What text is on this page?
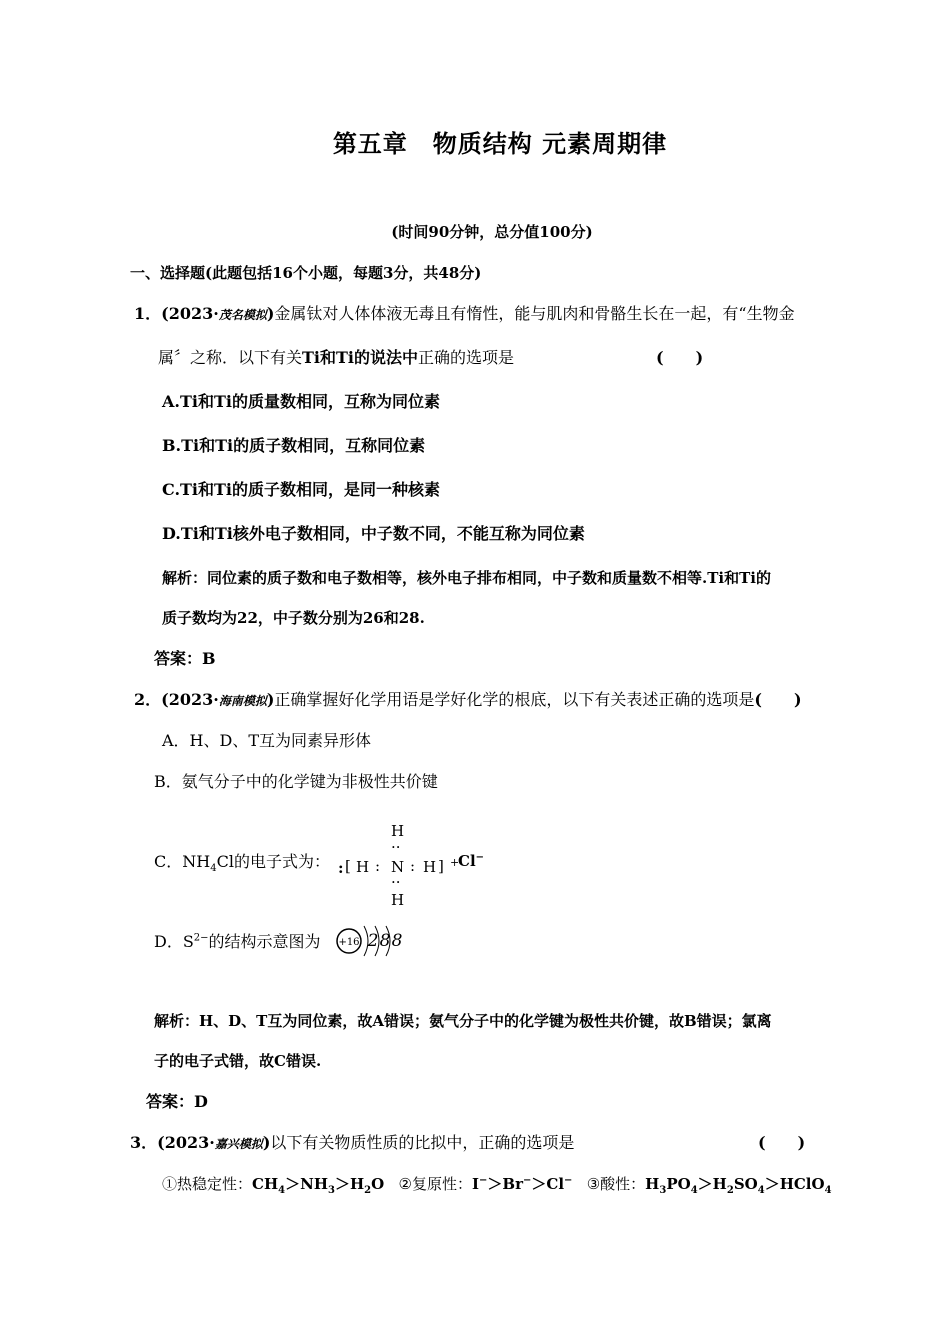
第五章　物质结构 元素周期律
(时间90分钟，总分值100分)
一、选择题(此题包括16个小题，每题3分，共48分)
1．(2023·茂名模拟)金属钛对人体体液无毒且有惰性，能与肌肉和骨骼生长在一起，有“生物金
属〞之称．以下有关Ti和Ti的说法中正确的选项是	(　　)
A.Ti和Ti的质量数相同，互称为同位素
B.Ti和Ti的质子数相同，互称同位素
C.Ti和Ti的质子数相同，是同一种核素
D.Ti和Ti核外电子数相同，中子数不同，不能互称为同位素
解析：同位素的质子数和电子数相等，核外电子排布相同，中子数和质量数不相等.Ti和Ti的
质子数均为22，中子数分别为26和28.
答案：B
2．(2023·海南模拟)正确掌握好化学用语是学好化学的根底，以下有关表述正确的选项是(　　)
A．H、D、T互为同素异形体
B．氨气分子中的化学键为非极性共价键
C．$NH_4Cl$的电子式为：
H
··
: [ H : N : H ] +
Cl−
··
H
D．$S^{2-}$的结构示意图为 +16 2 8 8
解析：H、D、T互为同位素，故A错误；氨气分子中的化学键为极性共价键，故B错误；氯离
子的电子式错，故C错误.
答案：D
3．(2023·嘉兴模拟)以下有关物质性质的比拟中，正确的选项是	(　　)
①热稳定性：$CH_4>NH_3>H_2O$ ②复原性：I−＞Br−＞Cl− ③酸性：$H_3PO_4>H_2SO_4>HClO_4$
